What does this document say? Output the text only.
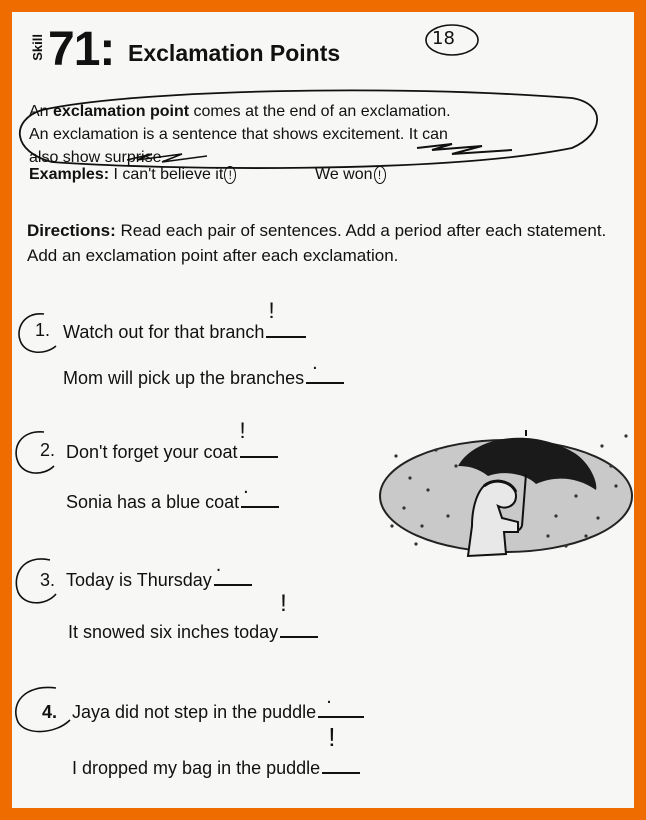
Skill 71: Exclamation Points
18
An exclamation point comes at the end of an exclamation.
An exclamation is a sentence that shows excitement. It can
also show surprise.
Examples: I can't believe it !	We won !
Directions: Read each pair of sentences. Add a period after each statement. Add an exclamation point after each exclamation.
1. Watch out for that branch
!
Mom will pick up the branches
.
2. Don't forget your coat
!
Sonia has a blue coat
.
3. Today is Thursday
.
It snowed six inches today
!
4. Jaya did not step in the puddle
.
I dropped my bag in the puddle
!
